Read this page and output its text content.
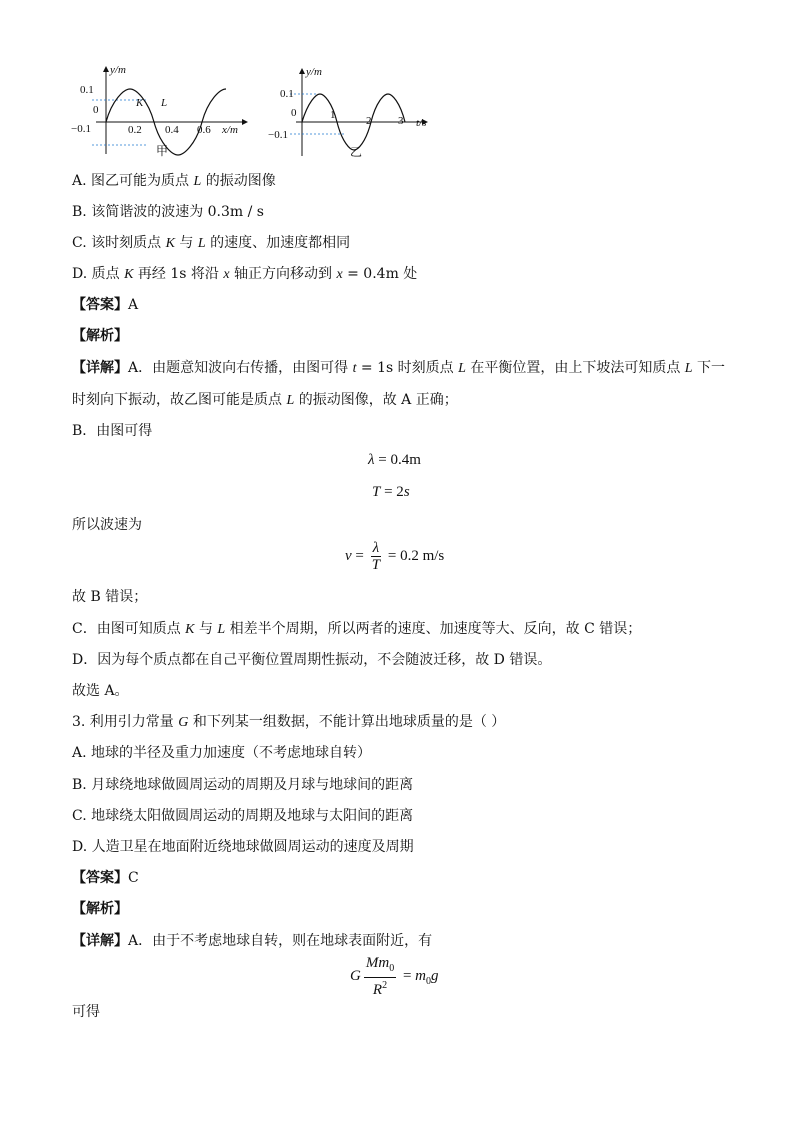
y/m
0.1
0
−0.1
K L
0.2 0.4 0.6 x/m
甲
y/m
0.1
0
−0.1
1	2 3 t/s
乙
A. 图乙可能为质点 L 的振动图像
B. 该简谐波的波速为 0.3m / s
C. 该时刻质点 K 与 L 的速度、加速度都相同
D. 质点 K 再经 1s 将沿 x 轴正方向移动到 x = 0.4m 处
【答案】A
【解析】
【详解】A．由题意知波向右传播，由图可得 t = 1s 时刻质点 L 在平衡位置，由上下坡法可知质点 L 下一
时刻向下振动，故乙图可能是质点 L 的振动图像，故 A 正确；
B．由图可得
λ = 0.4m
T = 2s
所以波速为
$v = \frac{\lambda}{T} = 0.2$ m/s
故 B 错误；
C．由图可知质点 K 与 L 相差半个周期，所以两者的速度、加速度等大、反向，故 C 错误；
D．因为每个质点都在自己平衡位置周期性振动，不会随波迁移，故 D 错误。
故选 A。
3. 利用引力常量 G 和下列某一组数据，不能计算出地球质量的是（ ）
A. 地球的半径及重力加速度（不考虑地球自转）
B. 月球绕地球做圆周运动的周期及月球与地球间的距离
C. 地球绕太阳做圆周运动的周期及地球与太阳间的距离
D. 人造卫星在地面附近绕地球做圆周运动的速度及周期
【答案】C
【解析】
【详解】A．由于不考虑地球自转，则在地球表面附近，有
G $\frac{Mm_0}{R^2} = m_0g$
可得
